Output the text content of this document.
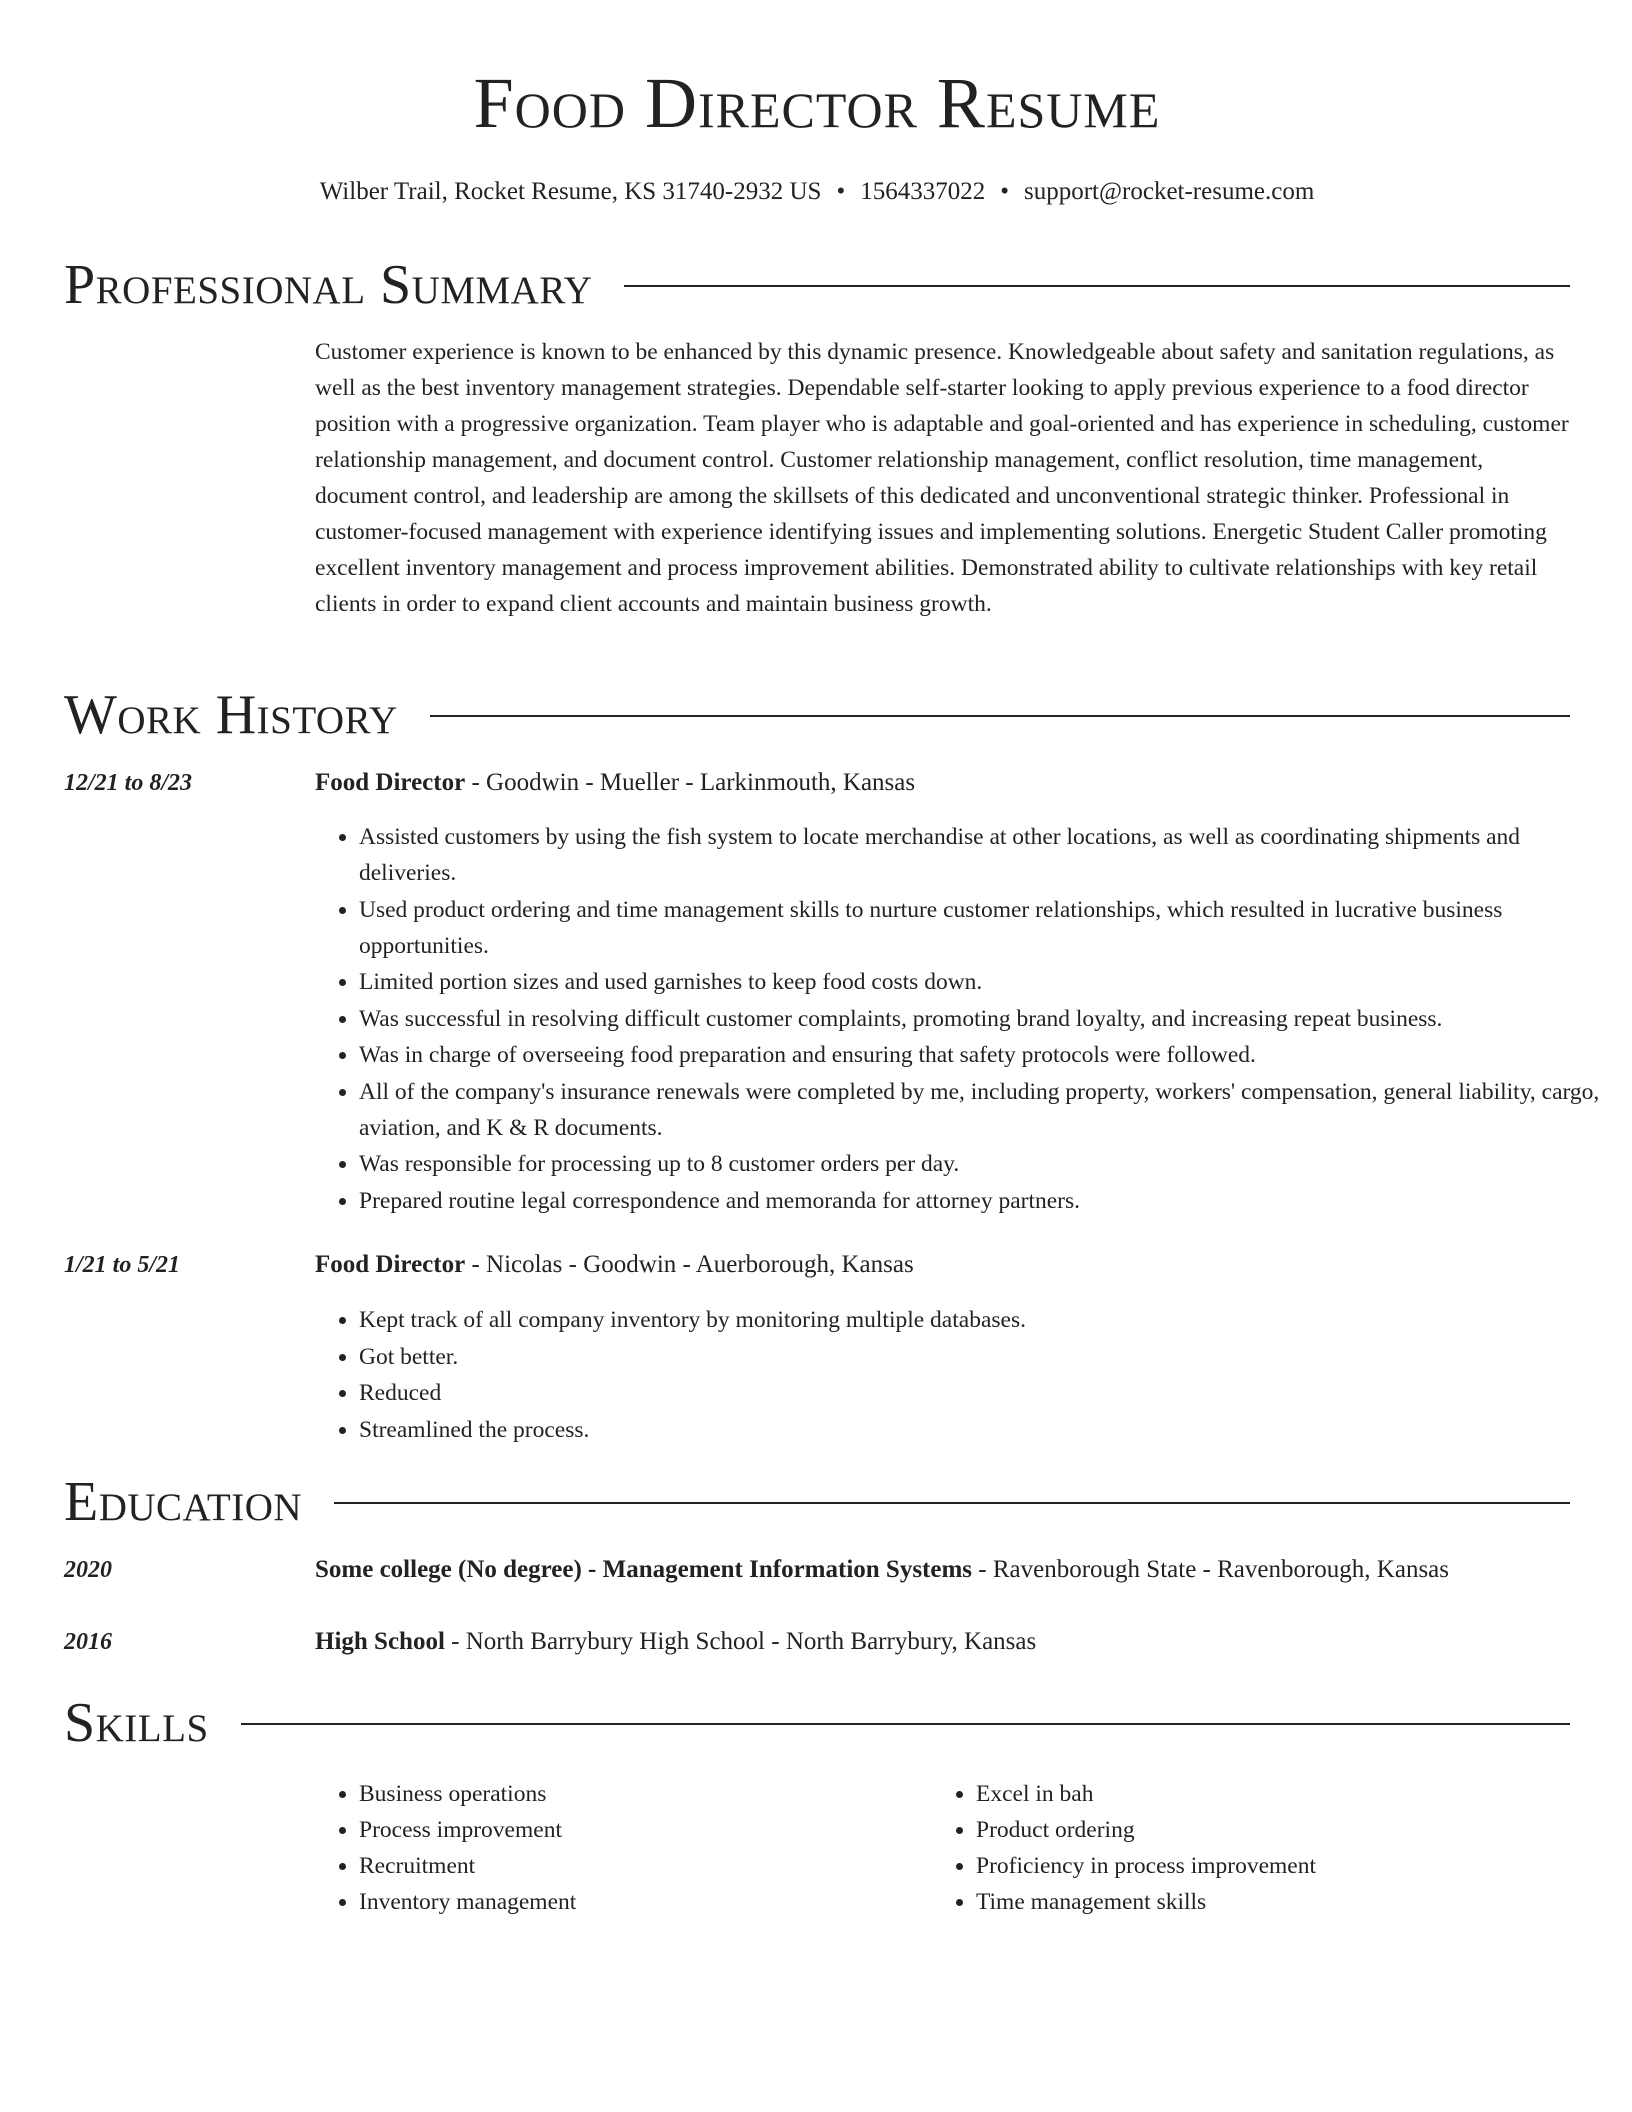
Food Director Resume
Wilber Trail, Rocket Resume, KS 31740-2932 US • 1564337022 • support@rocket-resume.com
Professional Summary

Customer experience is known to be enhanced by this dynamic presence. Knowledgeable about safety and sanitation regulations, as well as the best inventory management strategies. Dependable self-starter looking to apply previous experience to a food director position with a progressive organization. Team player who is adaptable and goal-oriented and has experience in scheduling, customer relationship management, and document control. Customer relationship management, conflict resolution, time management, document control, and leadership are among the skillsets of this dedicated and unconventional strategic thinker. Professional in customer-focused management with experience identifying issues and implementing solutions. Energetic Student Caller promoting excellent inventory management and process improvement abilities. Demonstrated ability to cultivate relationships with key retail clients in order to expand client accounts and maintain business growth.

Work History
12/21 to 8/23	Food Director - Goodwin - Mueller - Larkinmouth, Kansas
• Assisted customers by using the fish system to locate merchandise at other locations, as well as coordinating shipments and deliveries.
• Used product ordering and time management skills to nurture customer relationships, which resulted in lucrative business opportunities.
• Limited portion sizes and used garnishes to keep food costs down.
• Was successful in resolving difficult customer complaints, promoting brand loyalty, and increasing repeat business.
• Was in charge of overseeing food preparation and ensuring that safety protocols were followed.
• All of the company's insurance renewals were completed by me, including property, workers' compensation, general liability, cargo, aviation, and K & R documents.
• Was responsible for processing up to 8 customer orders per day.
• Prepared routine legal correspondence and memoranda for attorney partners.
1/21 to 5/21	Food Director - Nicolas - Goodwin - Auerborough, Kansas
• Kept track of all company inventory by monitoring multiple databases.
• Got better.
• Reduced
• Streamlined the process.
Education
2020	Some college (No degree) - Management Information Systems - Ravenborough State - Ravenborough, Kansas
2016	High School - North Barrybury High School - North Barrybury, Kansas
Skills
• Business operations
• Process improvement
• Recruitment
• Inventory management
• Excel in bah
• Product ordering
• Proficiency in process improvement
• Time management skills
